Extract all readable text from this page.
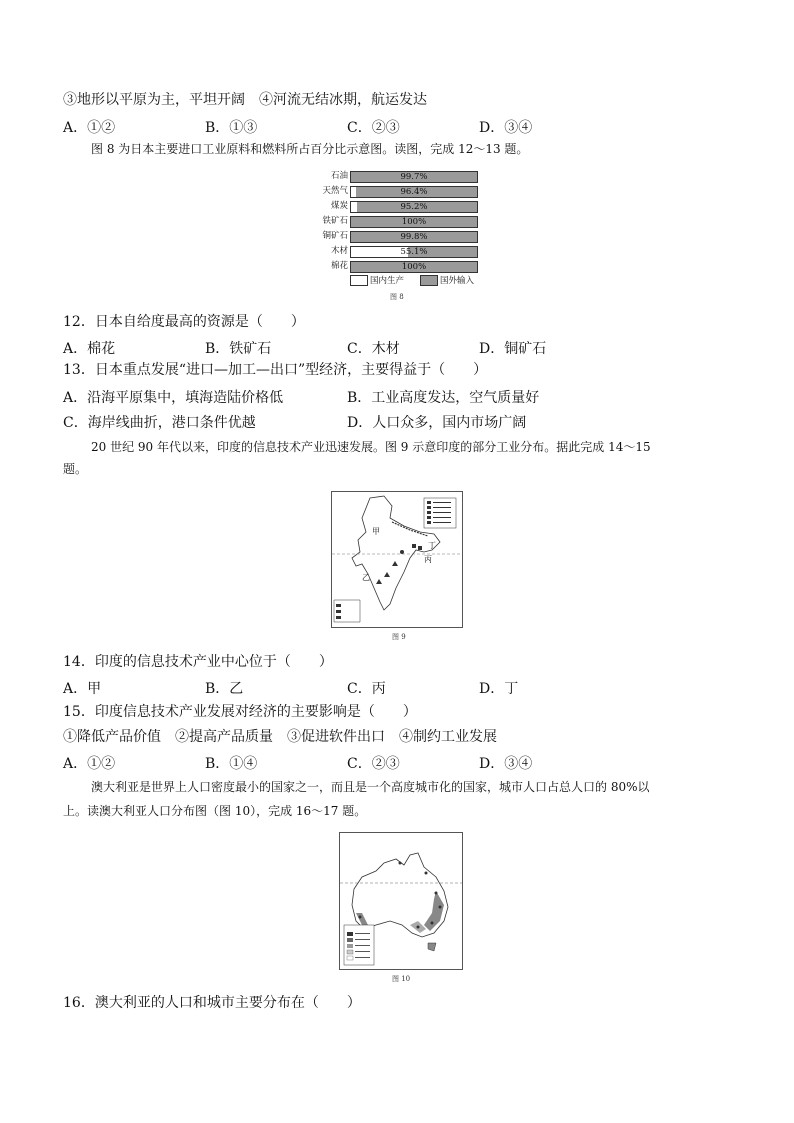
③地形以平原为主，平坦开阔　④河流无结冰期，航运发达
A．①②	B．①③	C．②③	D．③④
图 8 为日本主要进口工业原料和燃料所占百分比示意图。读图，完成 12～13 题。
石油	99.7%
天然气	96.4%
煤炭	95.2%
铁矿石	100%
铜矿石	99.8%
木材	55.1%
棉花	100%
国内生产	国外输入
图 8
12．日本自给度最高的资源是（　　）
A．棉花	B．铁矿石	C．木材	D．铜矿石
13．日本重点发展“进口—加工—出口”型经济，主要得益于（　　）
A．沿海平原集中，填海造陆价格低	B．工业高度发达，空气质量好
C．海岸线曲折，港口条件优越	D．人口众多，国内市场广阔
20 世纪 90 年代以来，印度的信息技术产业迅速发展。图 9 示意印度的部分工业分布。据此完成 14～15
题。
甲
乙
丙
丁
图 9
14．印度的信息技术产业中心位于（　　）
A．甲	B．乙	C．丙	D．丁
15．印度信息技术产业发展对经济的主要影响是（　　）
①降低产品价值　②提高产品质量　③促进软件出口　④制约工业发展
A．①②	B．①④	C．②③	D．③④
澳大利亚是世界上人口密度最小的国家之一，而且是一个高度城市化的国家，城市人口占总人口的 80%以
上。读澳大利亚人口分布图（图 10），完成 16～17 题。
图 10
16．澳大利亚的人口和城市主要分布在（　　）
